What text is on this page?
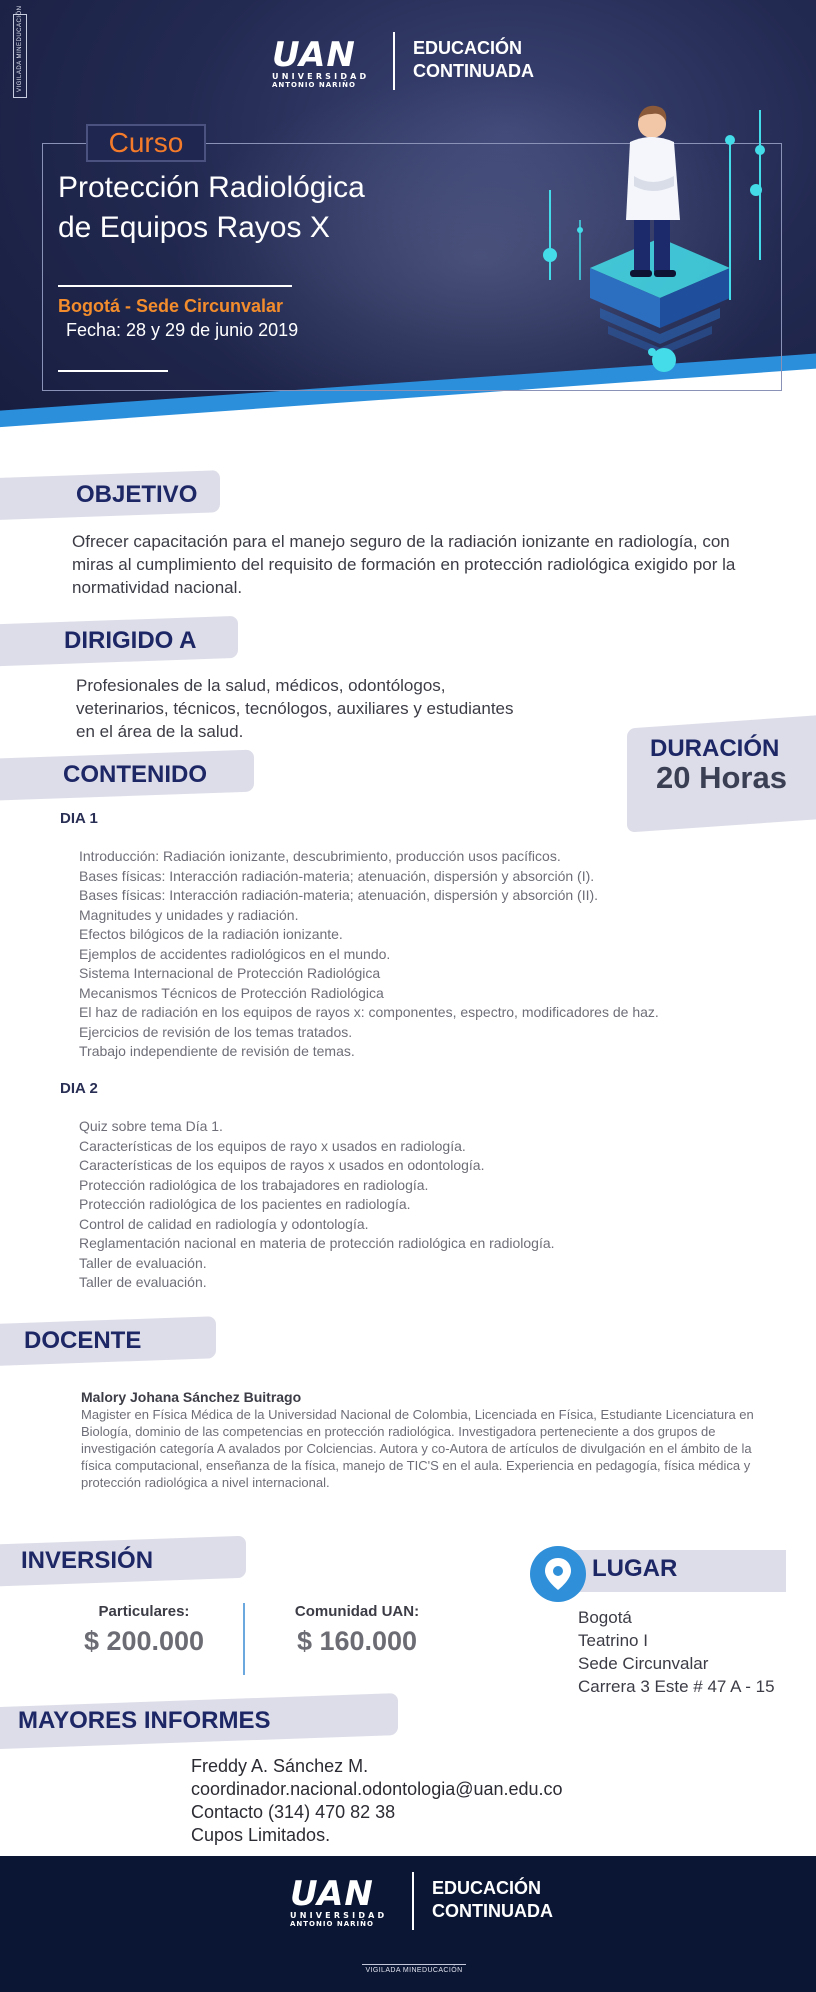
VIGILADA MINEDUCACIÓN	UAN
UNIVERSIDAD
ANTONIO NARIÑO
EDUCACIÓN
CONTINUADA
Curso
Protección Radiológica
de Equipos Rayos X
Bogotá - Sede Circunvalar
Fecha: 28 y 29 de junio 2019
OBJETIVO
Ofrecer capacitación para el manejo seguro de la radiación ionizante en radiología, con miras al cumplimiento del requisito de formación en protección radiológica exigido por la normatividad nacional.
DIRIGIDO A
Profesionales de la salud, médicos, odontólogos, veterinarios, técnicos, tecnólogos, auxiliares y estudiantes en el área de la salud.
DURACIÓN
20 Horas
CONTENIDO
DIA 1
Introducción: Radiación ionizante, descubrimiento, producción usos pacíficos.
Bases físicas: Interacción radiación-materia; atenuación, dispersión y absorción (I).
Bases físicas: Interacción radiación-materia; atenuación, dispersión y absorción (II).
Magnitudes y unidades y radiación.
Efectos bilógicos de la radiación ionizante.
Ejemplos de accidentes radiológicos en el mundo.
Sistema Internacional de Protección Radiológica
Mecanismos Técnicos de Protección Radiológica
El haz de radiación en los equipos de rayos x: componentes, espectro, modificadores de haz.
Ejercicios de revisión de los temas tratados.
Trabajo independiente de revisión de temas.
DIA 2
Quiz sobre tema Día 1.
Características de los equipos de rayo x usados en radiología.
Características de los equipos de rayos x usados en odontología.
Protección radiológica de los trabajadores en radiología.
Protección radiológica de los pacientes en radiología.
Control de calidad en radiología y odontología.
Reglamentación nacional en materia de protección radiológica en radiología.
Taller de evaluación.
Taller de evaluación.
DOCENTE
Malory Johana Sánchez Buitrago
Magister en Física Médica de la Universidad Nacional de Colombia, Licenciada en Física, Estudiante Licenciatura en Biología, dominio de las competencias en protección radiológica. Investigadora perteneciente a dos grupos de investigación categoría A avalados por Colciencias. Autora y co-Autora de artículos de divulgación en el ámbito de la física computacional, enseñanza de la física, manejo de TIC'S en el aula. Experiencia en pedagogía, física médica y protección radiológica a nivel internacional.
INVERSIÓN
Particulares:
$ 200.000
Comunidad UAN:
$ 160.000
LUGAR
Bogotá
Teatrino I
Sede Circunvalar
Carrera 3 Este # 47 A - 15
MAYORES INFORMES
Freddy A. Sánchez M.
coordinador.nacional.odontologia@uan.edu.co
Contacto (314) 470 82 38
Cupos Limitados.
UAN
UNIVERSIDAD
ANTONIO NARIÑO
EDUCACIÓN
CONTINUADA
VIGILADA MINEDUCACIÓN
